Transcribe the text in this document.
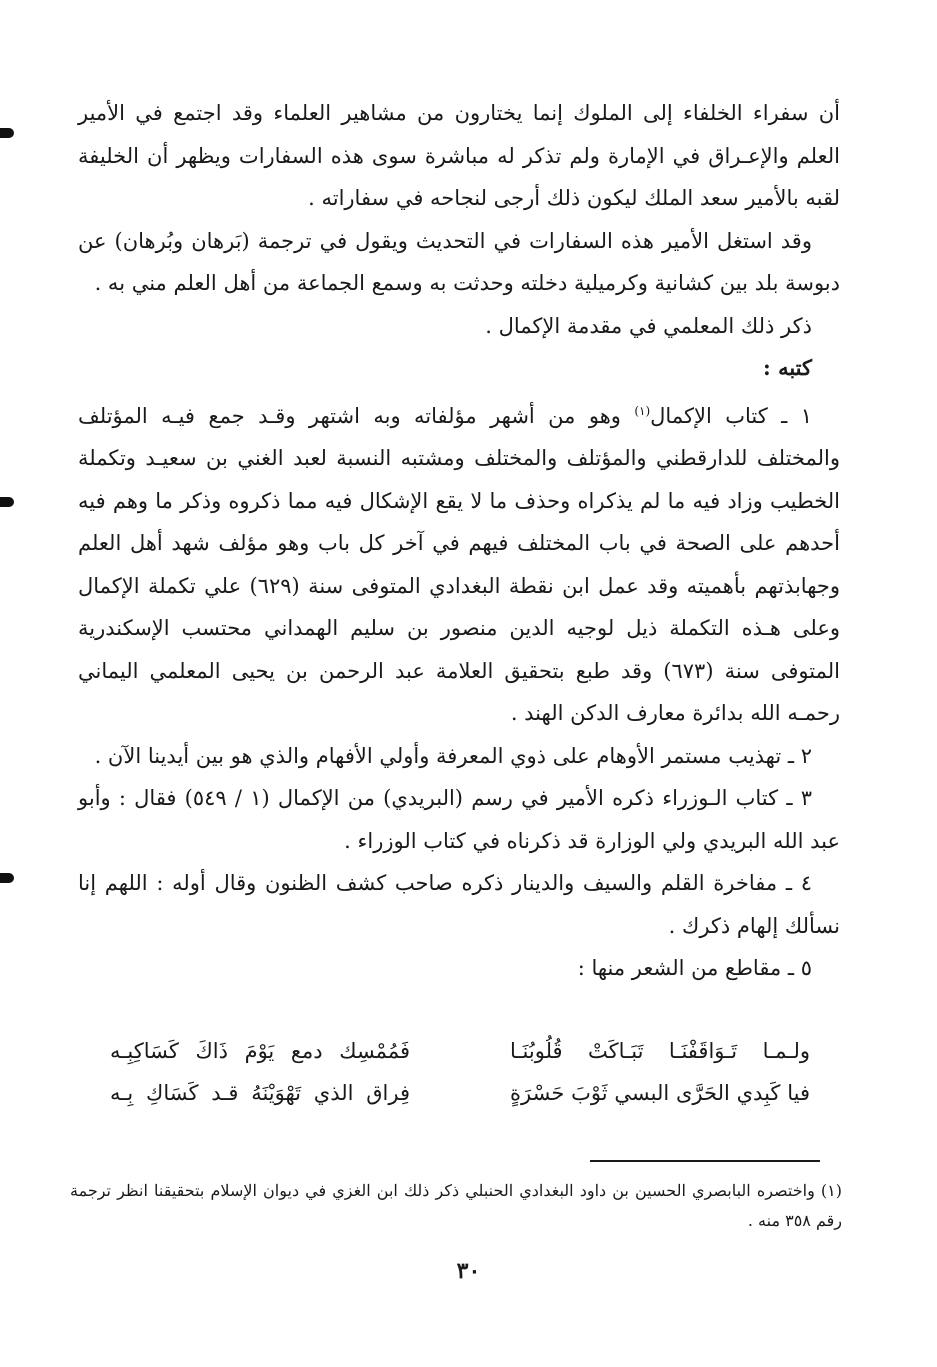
أن سفراء الخلفاء إلى الملوك إنما يختارون من مشاهير العلماء وقد اجتمع في الأمير العلم والإعـراق في الإمارة ولم تذكر له مباشرة سوى هذه السفارات ويظهر أن الخليفة لقبه بالأمير سعد الملك ليكون ذلك أرجى لنجاحه في سفاراته .

وقد استغل الأمير هذه السفارات في التحديث ويقول في ترجمة (بَرهان وبُرهان) عن دبوسة بلد بين كشانية وكرميلية دخلته وحدثت به وسمع الجماعة من أهل العلم مني به .

ذكر ذلك المعلمي في مقدمة الإكمال .

كتبه :

١ ـ كتاب الإكمال$^{(١)}$ وهو من أشهر مؤلفاته وبه اشتهر وقـد جمع فيـه المؤتلف والمختلف للدارقطني والمؤتلف والمختلف ومشتبه النسبة لعبد الغني بن سعيـد وتكملة الخطيب وزاد فيه ما لم يذكراه وحذف ما لا يقع الإشكال فيه مما ذكروه وذكر ما وهم فيه أحدهم على الصحة في باب المختلف فيهم في آخر كل باب وهو مؤلف شهد أهل العلم وجهابذتهم بأهميته وقد عمل ابن نقطة البغدادي المتوفى سنة (٦٢٩) علي تكملة الإكمال وعلى هـذه التكملة ذيل لوجيه الدين منصور بن سليم الهمداني محتسب الإسكندرية المتوفى سنة (٦٧٣) وقد طبع بتحقيق العلامة عبد الرحمن بن يحيى المعلمي اليماني رحمـه الله بدائرة معارف الدكن الهند .

٢ ـ تهذيب مستمر الأوهام على ذوي المعرفة وأولي الأفهام والذي هو بين أيدينا الآن .

٣ ـ كتاب الـوزراء ذكره الأمير في رسم (البريدي) من الإكمال (١ / ٥٤٩) فقال : وأبو عبد الله البريدي ولي الوزارة قد ذكرناه في كتاب الوزراء .

٤ ـ مفاخرة القلم والسيف والدينار ذكره صاحب كشف الظنون وقال أوله : اللهم إنا نسألك إلهام ذكرك .

٥ ـ مقاطع من الشعر منها :

ولـمـا تَـوَاقَفْنَـا تَبَـاكَتْ قُلُوبُنَـا
فَمُمْسِك دمع يَوْمَ ذَاكَ كَسَاكِبِـه
فيا كَبِدي الحَرَّى البسي ثَوْبَ حَسْرَةٍ
فِراق الذي تَهْوَيْنَهُ قـد كَسَاكِ بِـه
(١) واختصره البابصري الحسين بن داود البغدادي الحنبلي ذكر ذلك ابن الغزي في ديوان الإسلام بتحقيقنا انظر ترجمة رقم ٣٥٨ منه .
٣٠
